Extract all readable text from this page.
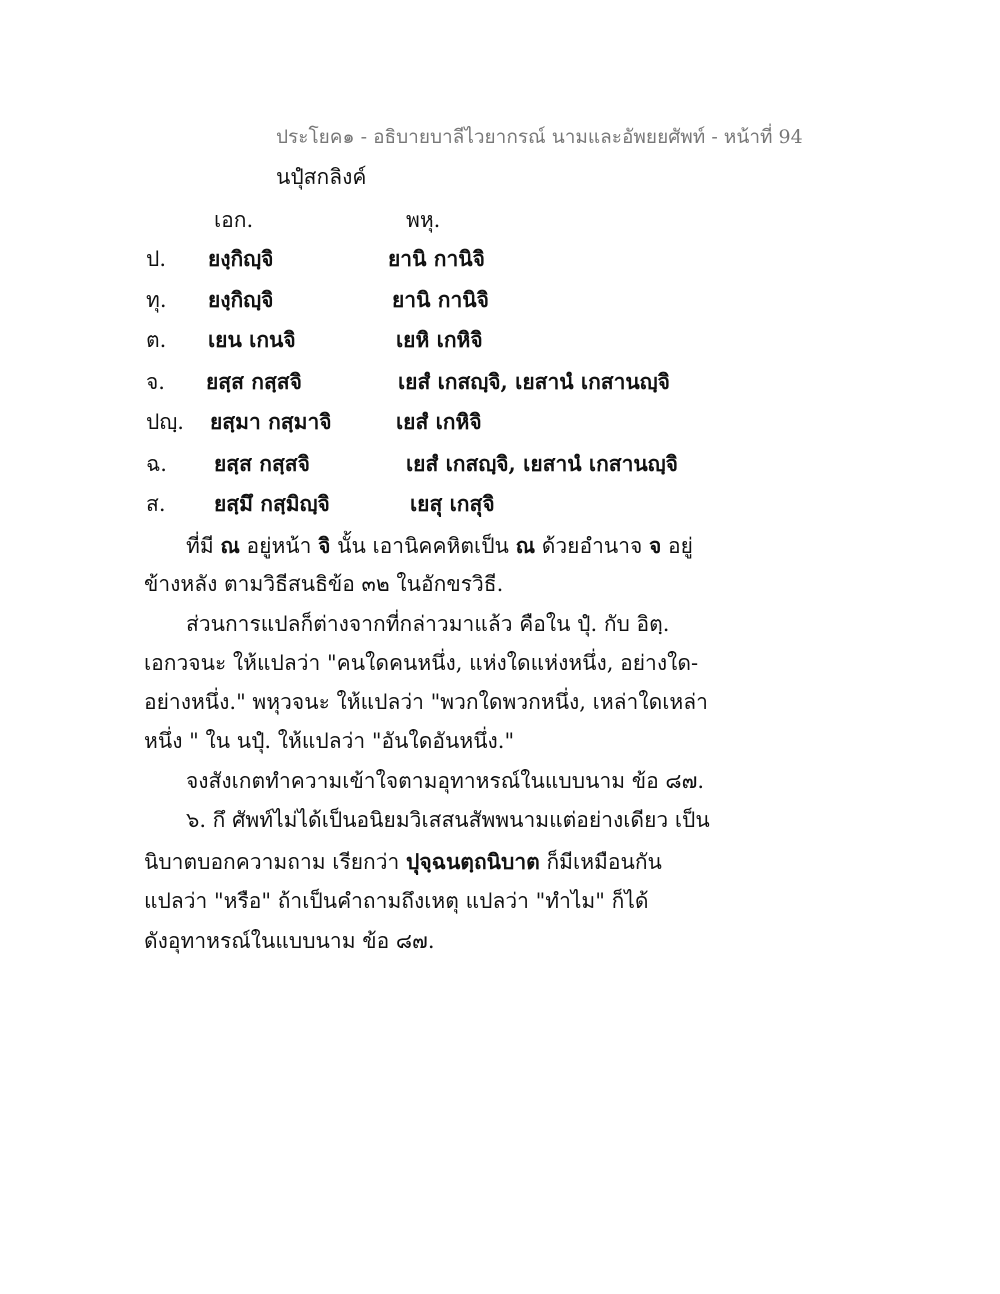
ประโยค๑ - อธิบายบาลีไวยากรณ์ นามและอัพยยศัพท์ - หน้าที่ 94
นปุํสกลิงค์
เอก.	พหุ.
ป. ยงฺกิญฺจิ	ยานิ กานิจิ
ทุ. ยงฺกิญฺจิ	ยานิ กานิจิ
ต. เยน เกนจิ	เยหิ เกหิจิ
จ. ยสฺส กสฺสจิ	เยสํ เกสญฺจิ, เยสานํ เกสานญฺจิ
ปญฺ. ยสฺมา กสฺมาจิ	เยสํ เกหิจิ
ฉ. ยสฺส กสฺสจิ	เยสํ เกสญฺจิ, เยสานํ เกสานญฺจิ
ส. ยสฺมึ กสฺมิญฺจิ	เยสุ เกสุจิ
ที่มี ณ อยู่หน้า จิ นั้น เอานิคคหิตเป็น ณ ด้วยอำนาจ จ อยู่
ข้างหลัง ตามวิธีสนธิข้อ ๓๒ ในอักขรวิธี.
ส่วนการแปลก็ต่างจากที่กล่าวมาแล้ว คือใน ปุํ. กับ อิตฺ.
เอกวจนะ ให้แปลว่า "คนใดคนหนึ่ง, แห่งใดแห่งหนึ่ง, อย่างใด-
อย่างหนึ่ง." พหุวจนะ ให้แปลว่า "พวกใดพวกหนึ่ง, เหล่าใดเหล่า
หนึ่ง " ใน นปุํ. ให้แปลว่า "อันใดอันหนึ่ง."
จงสังเกตทำความเข้าใจตามอุทาหรณ์ในแบบนาม ข้อ ๘๗.
๖. กึ ศัพท์ไม่ได้เป็นอนิยมวิเสสนสัพพนามแต่อย่างเดียว เป็น
นิบาตบอกความถาม เรียกว่า ปุจฺฉนตฺถนิบาต ก็มีเหมือนกัน
แปลว่า "หรือ" ถ้าเป็นคำถามถึงเหตุ แปลว่า "ทำไม" ก็ได้
ดังอุทาหรณ์ในแบบนาม ข้อ ๘๗.
